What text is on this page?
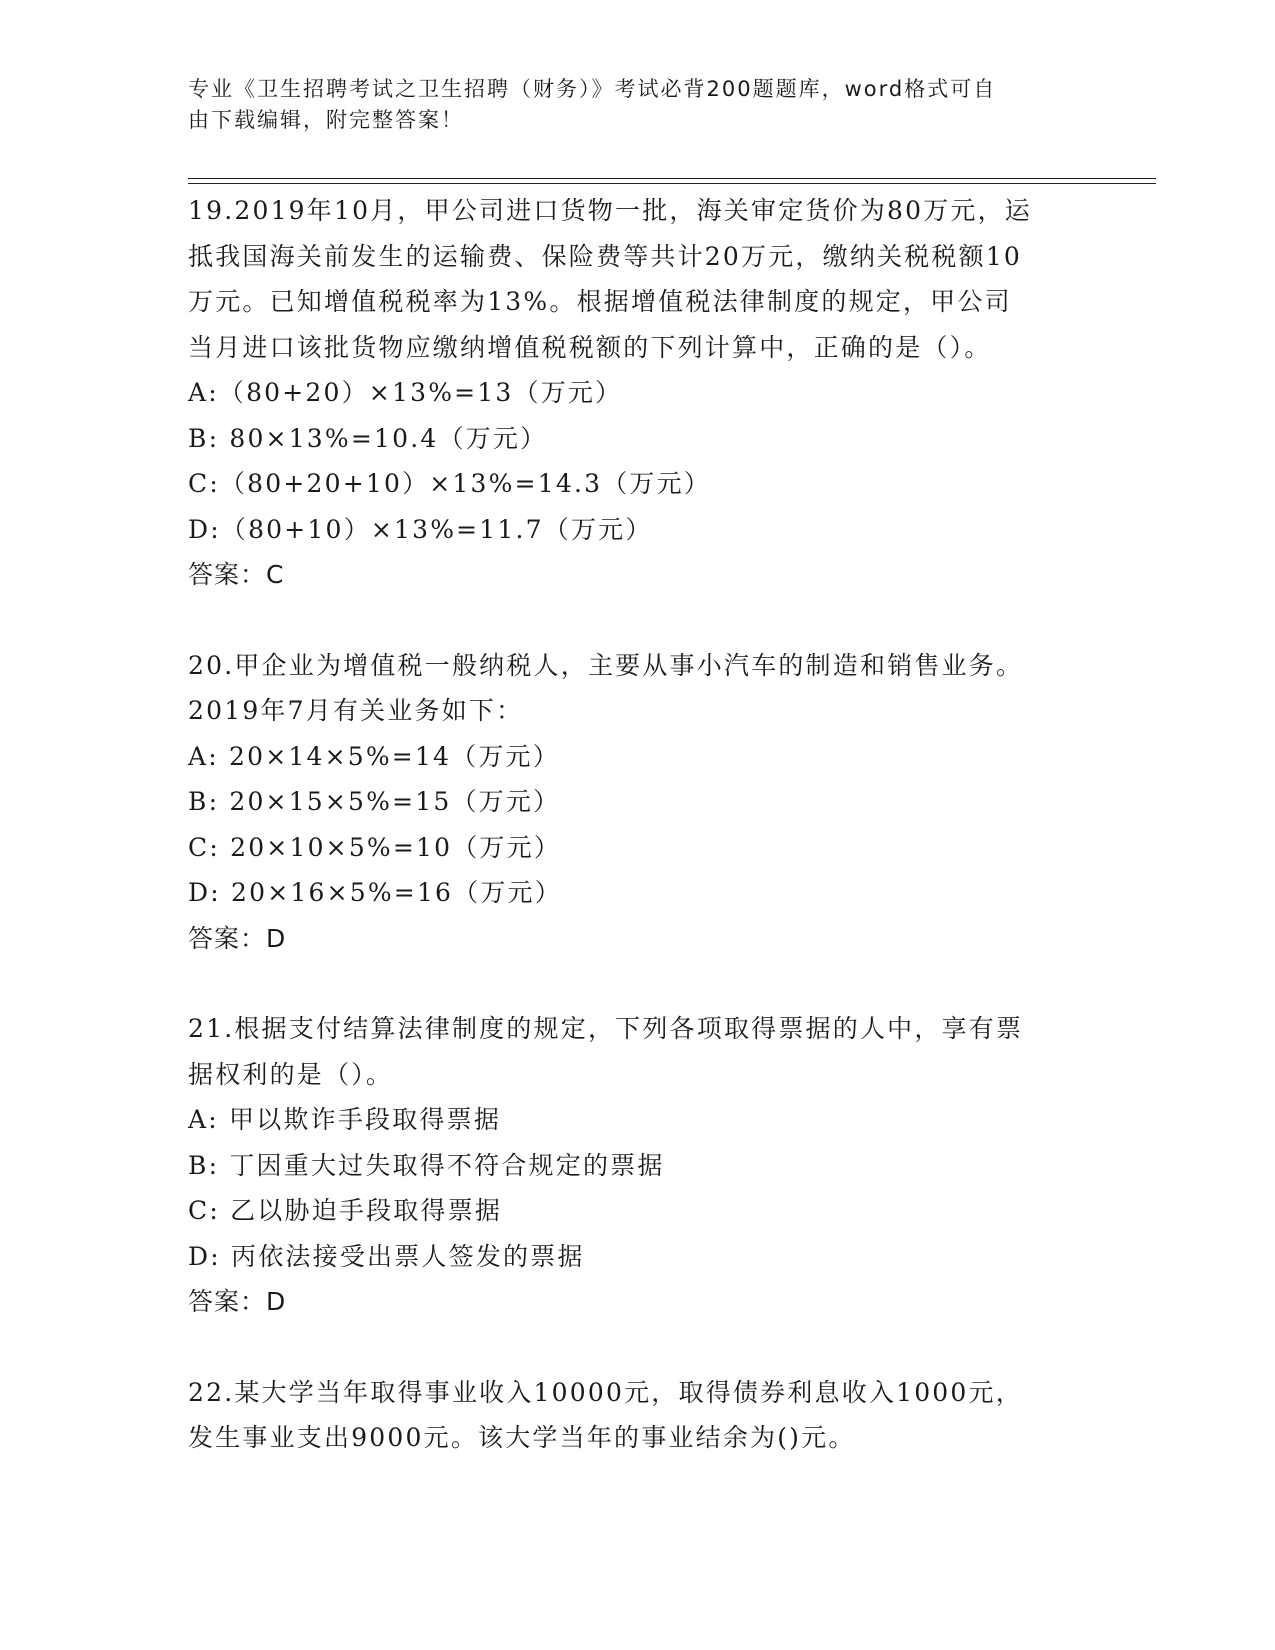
专业《卫生招聘考试之卫生招聘（财务）》考试必背200题题库，word格式可自
由下载编辑，附完整答案！
19.2019年10月，甲公司进口货物一批，海关审定货价为80万元，运
抵我国海关前发生的运输费、保险费等共计20万元，缴纳关税税额10
万元。已知增值税税率为13%。根据增值税法律制度的规定，甲公司
当月进口该批货物应缴纳增值税税额的下列计算中，正确的是（）。
A:（80+20）×13%=13（万元）
B: 80×13%=10.4（万元）
C:（80+20+10）×13%=14.3（万元）
D:（80+10）×13%=11.7（万元）
答案：C
20.甲企业为增值税一般纳税人，主要从事小汽车的制造和销售业务。
2019年7月有关业务如下：
A: 20×14×5%=14（万元）
B: 20×15×5%=15（万元）
C: 20×10×5%=10（万元）
D: 20×16×5%=16（万元）
答案：D
21.根据支付结算法律制度的规定，下列各项取得票据的人中，享有票
据权利的是（）。
A: 甲以欺诈手段取得票据
B: 丁因重大过失取得不符合规定的票据
C: 乙以胁迫手段取得票据
D: 丙依法接受出票人签发的票据
答案：D
22.某大学当年取得事业收入10000元，取得债券利息收入1000元，
发生事业支出9000元。该大学当年的事业结余为()元。
